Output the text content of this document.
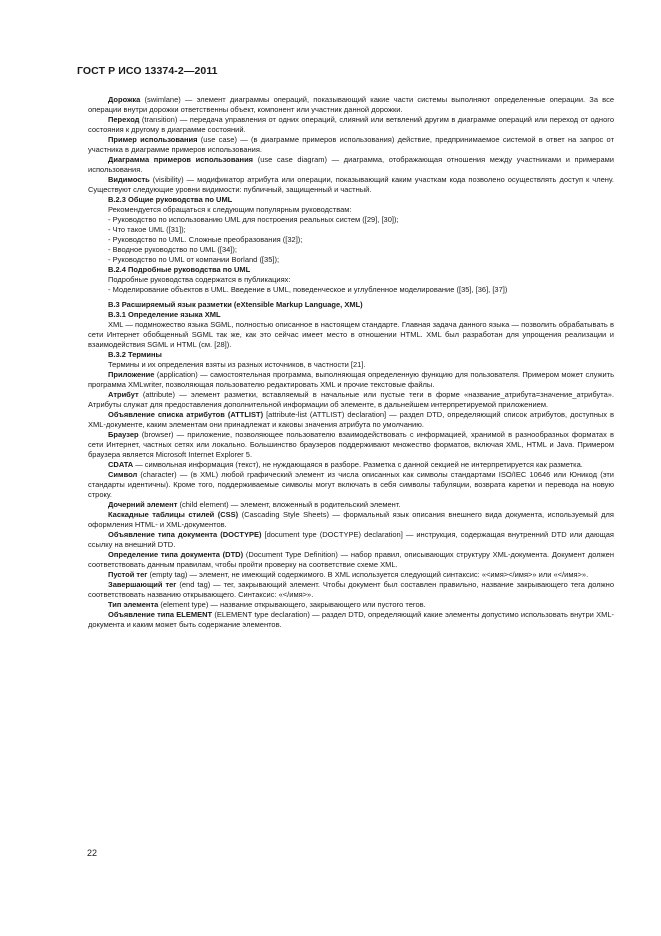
ГОСТ Р ИСО 13374-2—2011

Дорожка (swimlane) — элемент диаграммы операций, показывающий какие части системы выполняют определенные операции. За все операции внутри дорожки ответственны объект, компонент или участник данной дорожки.

Переход (transition) — передача управления от одних операций, слияний или ветвлений другим в диаграмме операций или переход от одного состояния к другому в диаграмме состояний.

Пример использования (use case) — (в диаграмме примеров использования) действие, предпринимаемое системой в ответ на запрос от участника в диаграмме примеров использования.

Диаграмма примеров использования (use case diagram) — диаграмма, отображающая отношения между участниками и примерами использования.

Видимость (visibility) — модификатор атрибута или операции, показывающий каким участкам кода позволено осуществлять доступ к члену. Существуют следующие уровни видимости: публичный, защищенный и частный.

B.2.3 Общие руководства по UML

Рекомендуется обращаться к следующим популярным руководствам:

- Руководство по использованию UML для построения реальных систем ([29], [30]);

- Что такое UML ([31]);

- Руководство по UML. Сложные преобразования ([32]);

- Вводное руководство по UML ([34]);

- Руководство по UML от компании Borland ([35]);

B.2.4 Подробные руководства по UML

Подробные руководства содержатся в публикациях:

- Моделирование объектов в UML. Введение в UML, поведенческое и углубленное моделирование ([35], [36], [37])

B.3 Расширяемый язык разметки (eXtensible Markup Language, XML)

B.3.1 Определение языка XML

XML — подмножество языка SGML, полностью описанное в настоящем стандарте. Главная задача данного языка — позволить обрабатывать в сети Интернет обобщенный SGML так же, как это сейчас имеет место в отношении HTML. XML был разработан для упрощения реализации и взаимодействия SGML и HTML (см. [28]).

B.3.2 Термины

Термины и их определения взяты из разных источников, в частности [21].

Приложение (application) — самостоятельная программа, выполняющая определенную функцию для пользователя. Примером может служить программа XMLwriter, позволяющая пользователю редактировать XML и прочие текстовые файлы.

Атрибут (attribute) — элемент разметки, вставляемый в начальные или пустые теги в форме «название_атрибута=значение_атрибута». Атрибуты служат для предоставления дополнительной информации об элементе, в дальнейшем интерпретируемой приложением.

Объявление списка атрибутов (ATTLIST) [attribute-list (ATTLIST) declaration] — раздел DTD, определяющий список атрибутов, доступных в XML-документе, каким элементам они принадлежат и каковы значения атрибута по умолчанию.

Браузер (browser) — приложение, позволяющее пользователю взаимодействовать с информацией, хранимой в разнообразных форматах в сети Интернет, частных сетях или локально. Большинство браузеров поддерживают множество форматов, включая XML, HTML и Java. Примером браузера является Microsoft Internet Explorer 5.

CDATA — символьная информация (текст), не нуждающаяся в разборе. Разметка с данной секцией не интерпретируется как разметка.

Символ (character) — (в XML) любой графический элемент из числа описанных как символы стандартами ISO/IEC 10646 или Юникод (эти стандарты идентичны). Кроме того, поддерживаемые символы могут включать в себя символы табуляции, возврата каретки и перевода на новую строку.

Дочерний элемент (child element) — элемент, вложенный в родительский элемент.

Каскадные таблицы стилей (CSS) (Cascading Style Sheets) — формальный язык описания внешнего вида документа, используемый для оформления HTML- и XML-документов.

Объявление типа документа (DOCTYPE) [document type (DOCTYPE) declaration] — инструкция, содержащая внутренний DTD или дающая ссылку на внешний DTD.

Определение типа документа (DTD) (Document Type Definition) — набор правил, описывающих структуру XML-документа. Документ должен соответствовать данным правилам, чтобы пройти проверку на соответствие схеме XML.

Пустой тег (empty tag) — элемент, не имеющий содержимого. В XML используется следующий синтаксис: «<имя></имя>» или «</имя>».

Завершающий тег (end tag) — тег, закрывающий элемент. Чтобы документ был составлен правильно, название закрывающего тега должно соответствовать названию открывающего. Синтаксис: «</имя>».

Тип элемента (element type) — название открывающего, закрывающего или пустого тегов.

Объявление типа ELEMENT (ELEMENT type declaration) — раздел DTD, определяющий какие элементы допустимо использовать внутри XML-документа и каким может быть содержание элементов.

22
